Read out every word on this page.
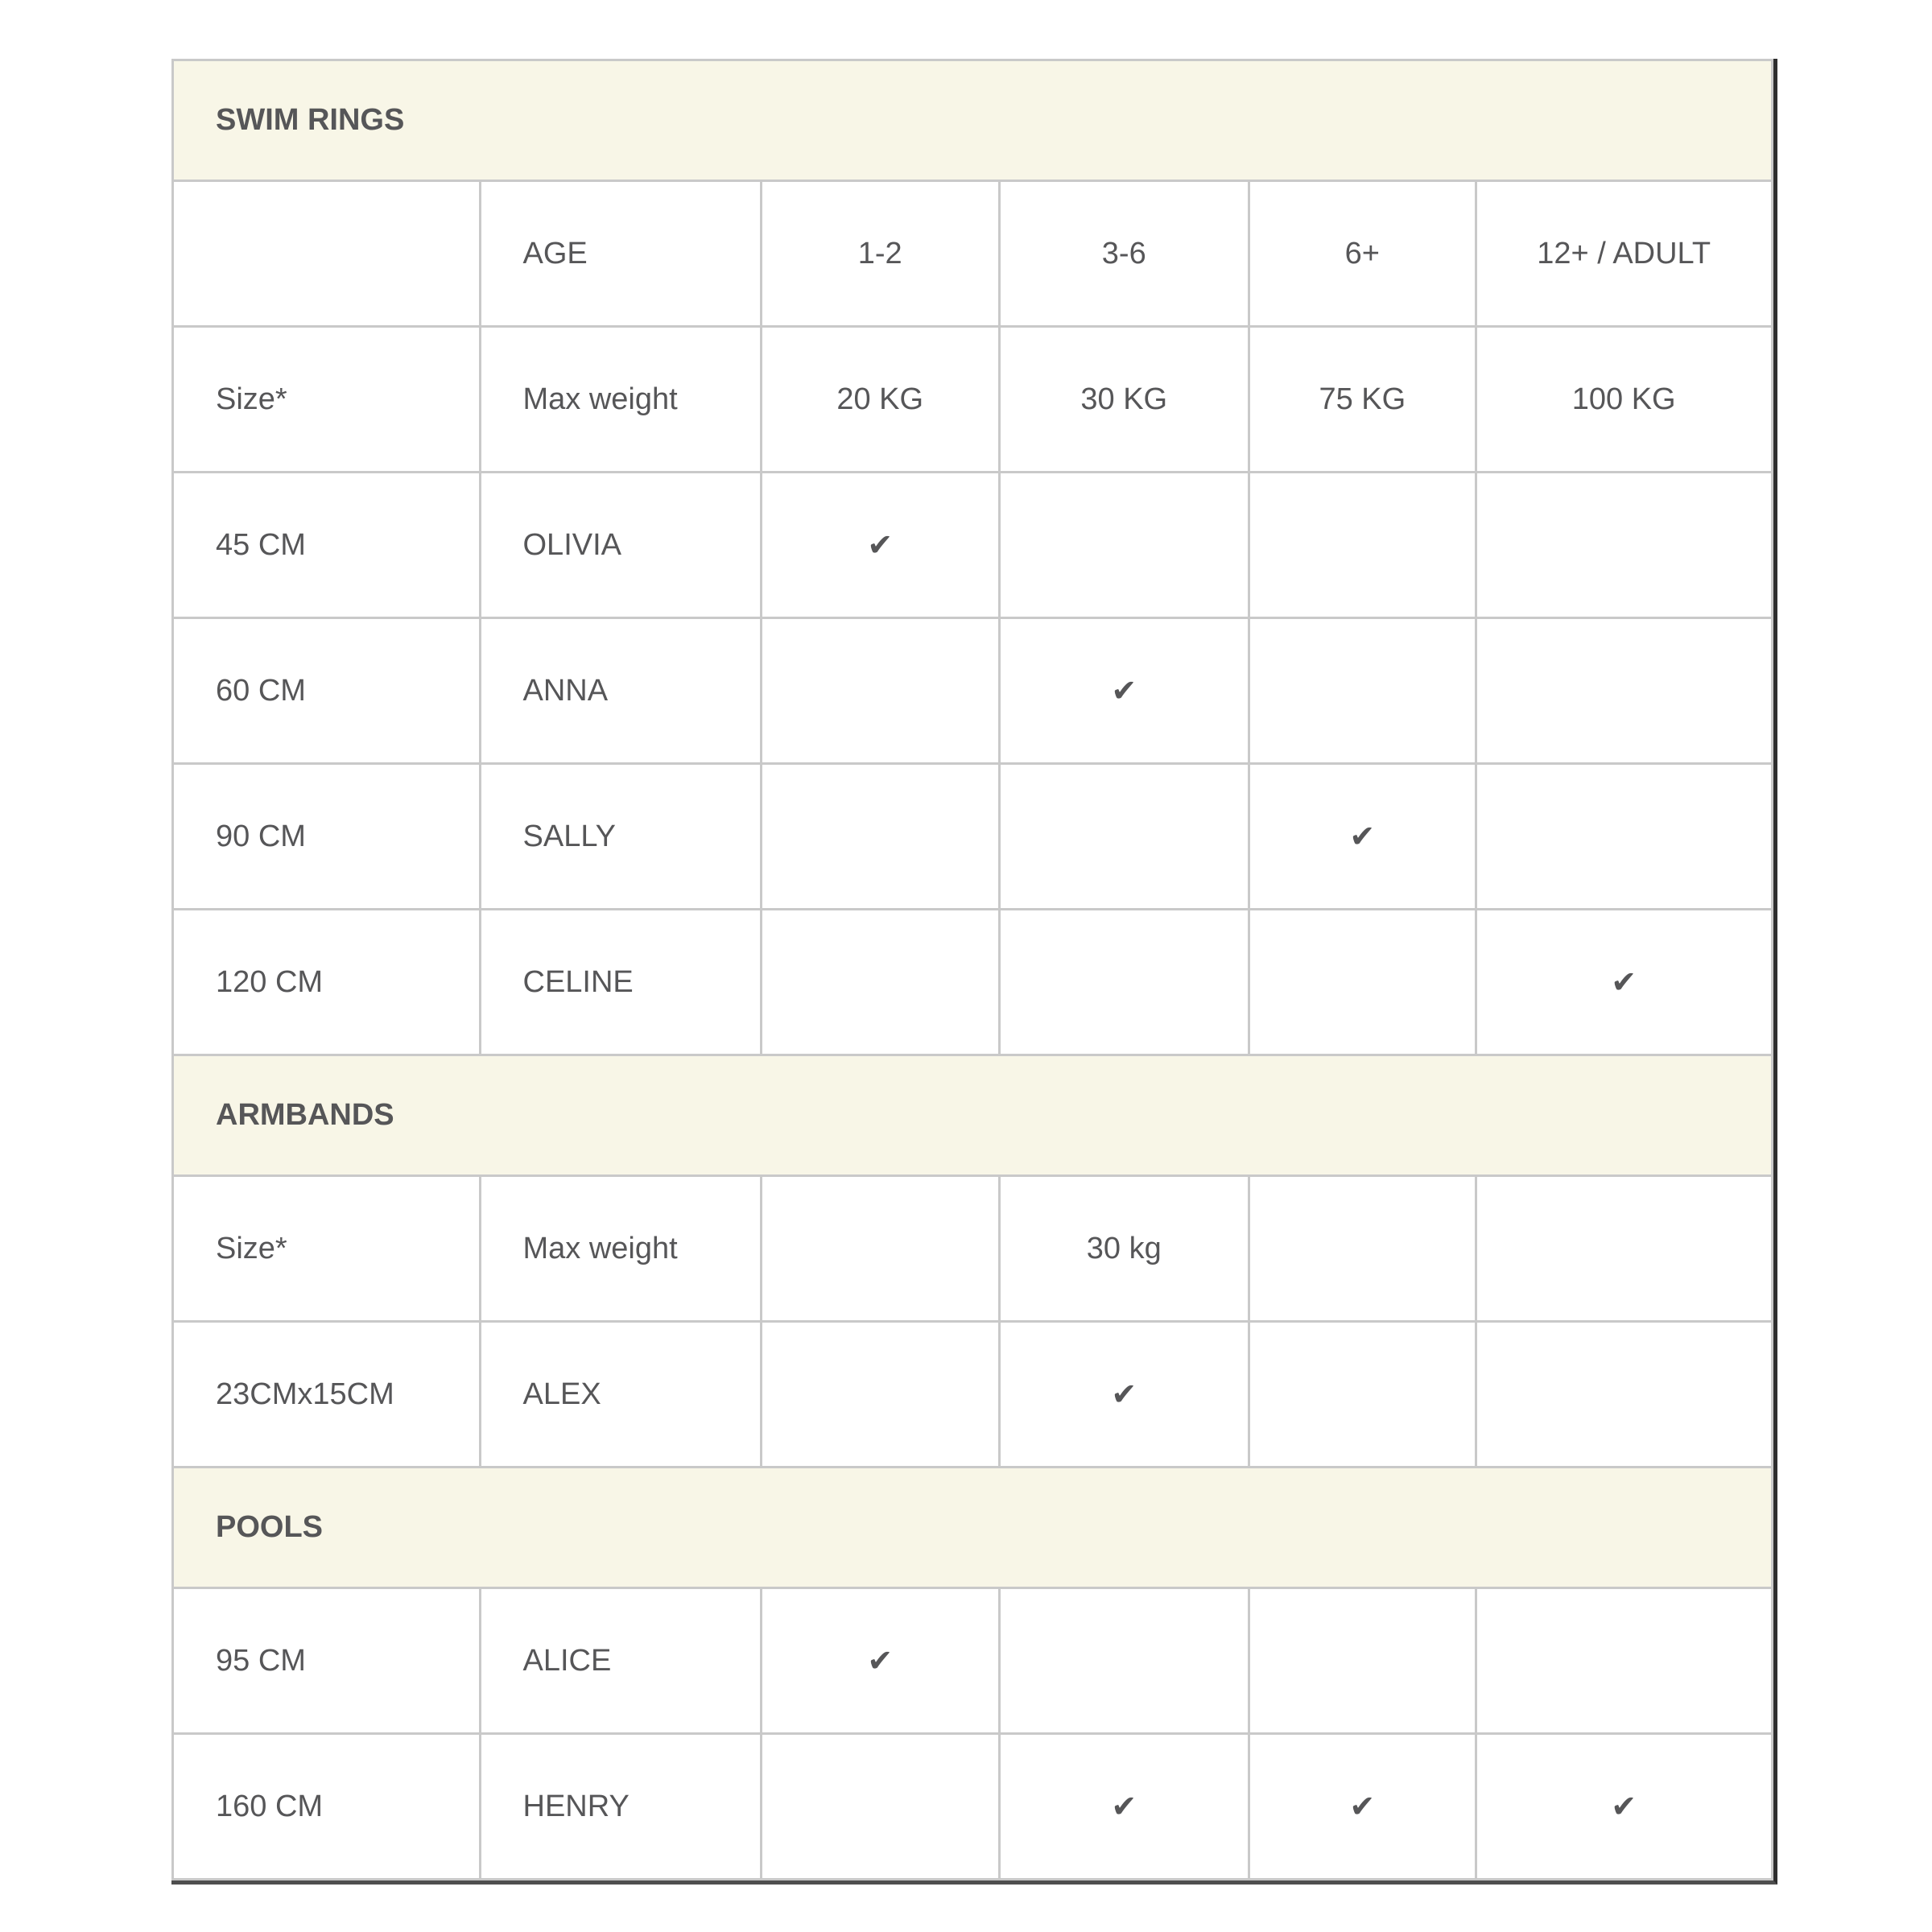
SWIM RINGS					
	AGE	1-2	3-6	6+	12+ / ADULT
Size*	Max weight	20 KG	30 KG	75 KG	100 KG
45 CM	OLIVIA	✔			
60 CM	ANNA		✔		
90 CM	SALLY			✔	
120 CM	CELINE				✔
ARMBANDS					
Size*	Max weight		30 kg		
23CMx15CM	ALEX		✔		
POOLS					
95 CM	ALICE	✔			
160 CM	HENRY		✔	✔	✔
